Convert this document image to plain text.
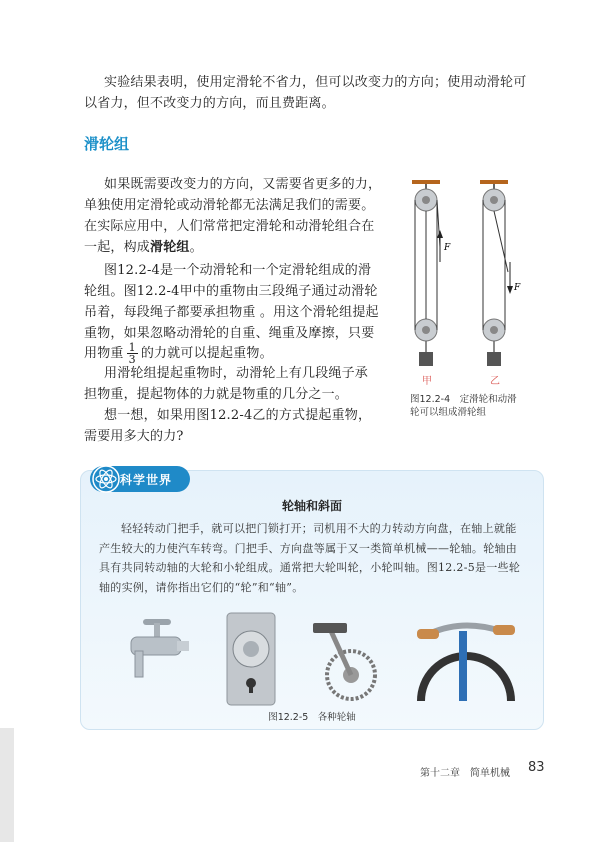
实验结果表明，使用定滑轮不省力，但可以改变力的方向；使用动滑轮可
以省力，但不改变力的方向，而且费距离。
滑轮组
如果既需要改变力的方向，又需要省更多的力，
单独使用定滑轮或动滑轮都无法满足我们的需要。
在实际应用中，人们常常把定滑轮和动滑轮组合在
一起，构成滑轮组。
图12.2-4是一个动滑轮和一个定滑轮组成的滑
轮组。图12.2-4甲中的重物由三段绳子通过动滑轮
吊着，每段绳子都要承担物重 。用这个滑轮组提起
重物，如果忽略动滑轮的自重、绳重及摩擦，只要
用物重 $\frac{1}{3}$ 的力就可以提起重物。
用滑轮组提起重物时，动滑轮上有几段绳子承
担物重，提起物体的力就是物重的几分之一。
想一想，如果用图12.2-4乙的方式提起重物，
需要用多大的力?
F
甲
F
乙
图12.2-4　 定滑轮和动滑
轮可以组成滑轮组
轮轴和斜面
轻轻转动门把手，就可以把门锁打开；司机用不大的力转动方向盘，在轴上就能
产生较大的力使汽车转弯。门把手、方向盘等属于又一类简单机械——轮轴。轮轴由
具有共同转动轴的大轮和小轮组成。通常把大轮叫轮，小轮叫轴。图12.2-5是一些轮
轴的实例，请你指出它们的“轮”和“轴”。
图12.2-5　各种轮轴
科学世界
第十二章　简单机械 83
